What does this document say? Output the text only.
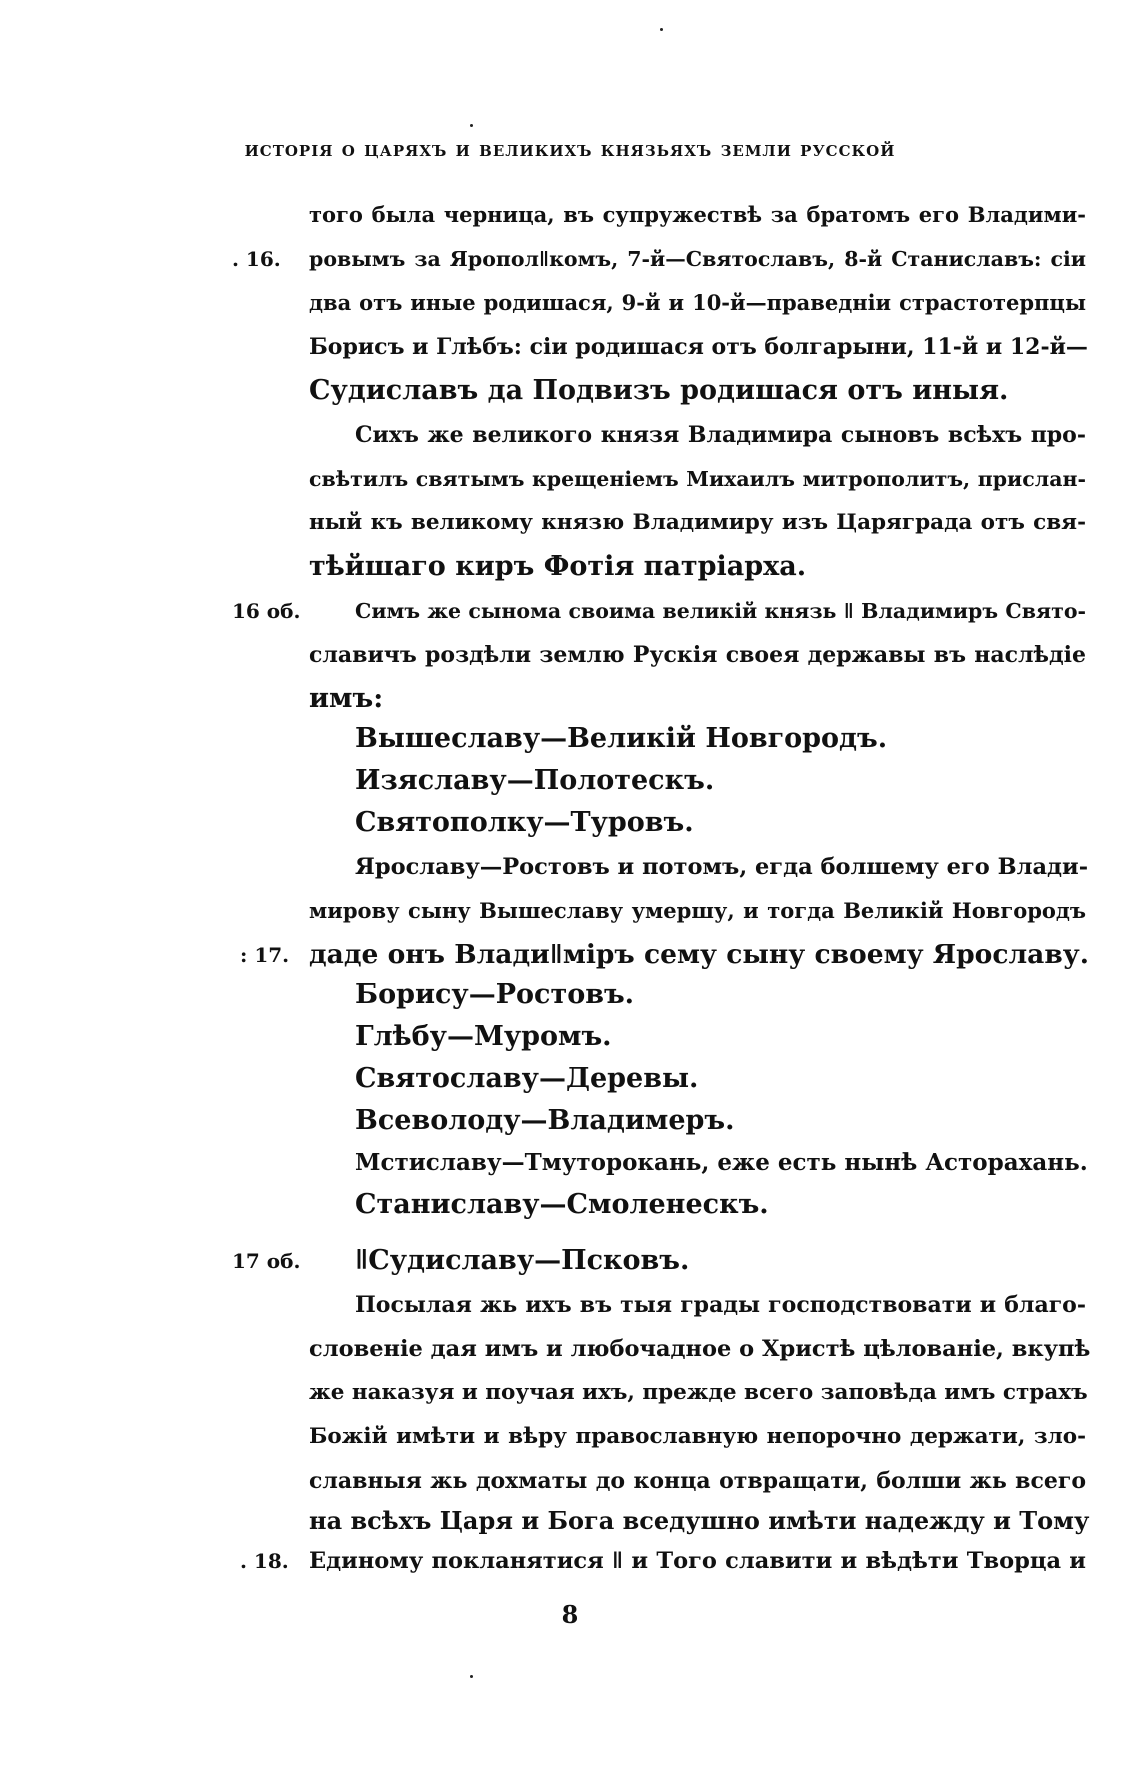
исторія о царяхъ и великихъ князьяхъ земли русской
. 16.
16 об.
: 17.
17 об.
. 18.
того была черница, въ супружествѣ за братомъ его Владими-
ровымъ за Ярополǁкомъ, 7-й—Святославъ, 8-й Станиславъ: сіи
два отъ иные родишася, 9-й и 10-й—праведніи страстотерпцы
Борисъ и Глѣбъ: сіи родишася отъ болгарыни, 11-й и 12-й—
Судиславъ да Подвизъ родишася отъ иныя.
Сихъ же великого князя Владимира сыновъ всѣхъ про-
свѣтилъ святымъ крещеніемъ Михаилъ митрополитъ, прислан-
ный къ великому князю Владимиру изъ Царяграда отъ свя-
тѣйшаго киръ Фотія патріарха.
Симъ же сынома своима великій князь ǁ Владимиръ Свято-
славичъ роздѣли землю Рускія своея державы въ наслѣдіе
имъ:
Вышеславу—Великій Новгородъ.
Изяславу—Полотескъ.
Святополку—Туровъ.
Ярославу—Ростовъ и потомъ, егда болшему его Влади-
мирову сыну Вышеславу умершу, и тогда Великій Новгородъ
даде онъ Владиǁміръ сему сыну своему Ярославу.
Борису—Ростовъ.
Глѣбу—Муромъ.
Святославу—Деревы.
Всеволоду—Владимеръ.
Мстиславу—Тмуторокань, еже есть нынѣ Асторахань.
Станиславу—Смоленескъ.
ǁСудиславу—Псковъ.
Посылая жь ихъ въ тыя грады господствовати и благо-
словеніе дая имъ и любочадное о Христѣ цѣлованіе, вкупѣ
же наказуя и поучая ихъ, прежде всего заповѣда имъ страхъ
Божій имѣти и вѣру православную непорочно держати, зло-
славныя жь дохматы до конца отвращати, болши жь всего
на всѣхъ Царя и Бога вседушно имѣти надежду и Тому
Единому покланятися ǁ и Того славити и вѣдѣти Творца и
8
